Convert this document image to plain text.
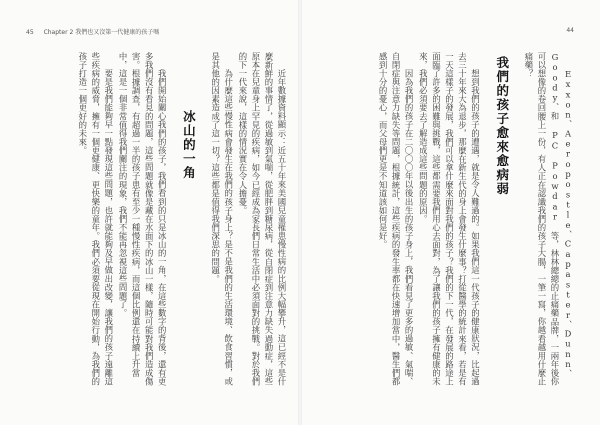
45 Chapter 2 我們也又沒第一代健康的孩子嗎	44

Exxon、Aeropostle、Capaster、Dunn、Goody、和 PC Powdar 等，林林總總的止痛藥品牌，一兩年後你可以想像的卷回腰上一份，有人正在認識我們的孩子大腸，一筆一寫，你越看越用什麼止痛藥？

我們的孩子愈來愈病弱

想到我們的孩子的遭遇，就是令人難過的。如果我們這一代孩子的健康狀況，比起過去三十年來大為退步，那麼在新生代的身上會發生什麼事？打從醫學的統計來看，若是有一天這樣子的發展，我們可以拿什麼來面對我們的孩子？我們的下一代，在發展的路途上面臨了許多的困難與挑戰，這些都需要我們用心去面對，為了讓我們的孩子擁有健康的未來，我們必須要去了解造成這些問題的原因。

因為我們的孩子在二〇〇〇年以後出生的孩子身上，我們看見了更多的過敏、氣喘、自閉症與注意力缺失等問題，根據統計，這些疾病的發生率都在快速增加當中，醫生們都感到十分的憂心，而父母們更是不知道該如何是好。

近年數據資料顯示：近五十年來美國兒童罹患慢性病的比例大幅攀升，這已經不是什麼新鮮的事情了，從過敏到氣喘，從肥胖到糖尿病，從自閉症到注意力缺失過動症，這些原本在兒童身上罕見的疾病，如今已經成為家長們日常生活中必須面對的挑戰。對於我們的下一代來說，這樣的情況實在令人擔憂。

為什麼這些慢性病會發生在我們的孩子身上？是不是我們的生活環境、飲食習慣，或是其他的因素造成了這一切？這些都是值得我們深思的問題。

冰山的一角

我們開始關心我們的孩子，我們看到的只是冰山的一角，在這些數字的背後，還有更多我們沒有看見的問題，這些問題就像是藏在水面下的冰山一樣，隨時可能對我們造成傷害。根據調查，有超過一半的孩子患有至少一種慢性疾病，而這個比例還在持續上升當中，這是一個非常值得我們關注的現象，我們不能再忽視這些問題了。

要是我們能夠早一點發現這些問題，也許就能夠及早做出改變，讓我們的孩子遠離這些疾病的威脅，擁有一個更健康、更快樂的童年。我們必須要從現在開始行動，為我們的孩子打造一個更好的未來。
